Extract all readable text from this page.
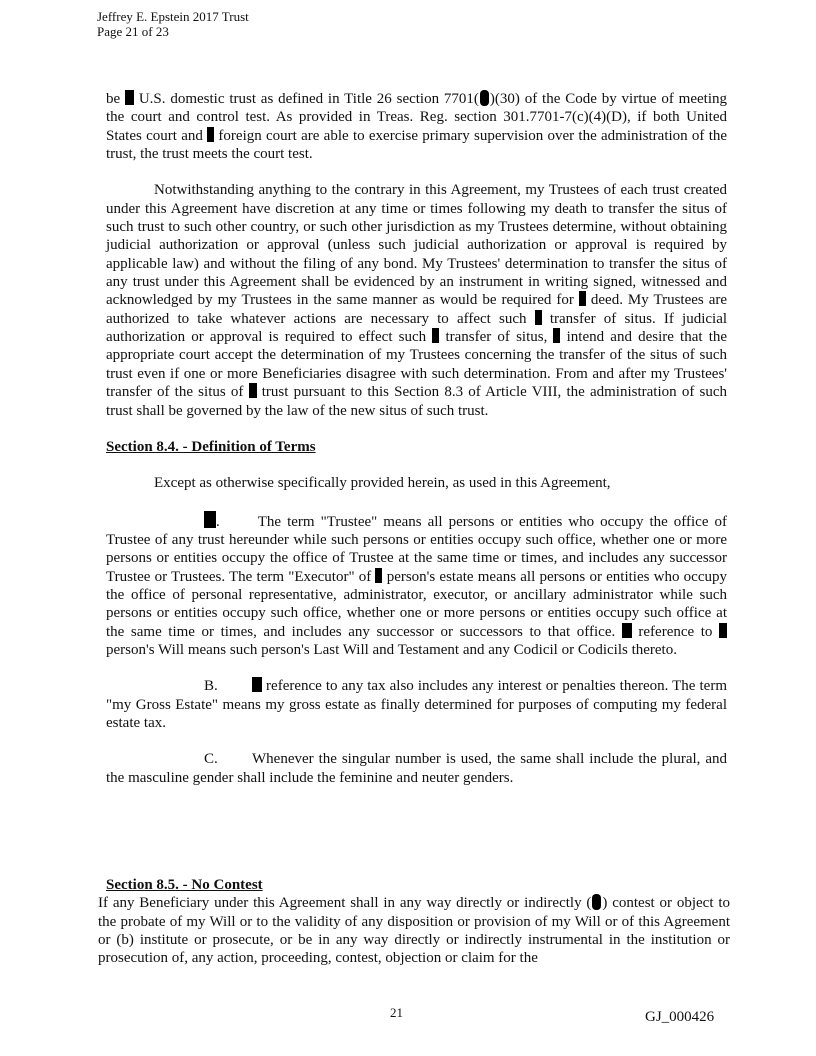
Jeffrey E. Epstein 2017 Trust
Page 21 of 23

be U.S. domestic trust as defined in Title 26 section 7701( )(30) of the Code by virtue of meeting the court and control test. As provided in Treas. Reg. section 301.7701-7(c)(4)(D), if both United States court and foreign court are able to exercise primary supervision over the administration of the trust, the trust meets the court test.

Notwithstanding anything to the contrary in this Agreement, my Trustees of each trust created under this Agreement have discretion at any time or times following my death to transfer the situs of such trust to such other country, or such other jurisdiction as my Trustees determine, without obtaining judicial authorization or approval (unless such judicial authorization or approval is required by applicable law) and without the filing of any bond. My Trustees' determination to transfer the situs of any trust under this Agreement shall be evidenced by an instrument in writing signed, witnessed and acknowledged by my Trustees in the same manner as would be required for deed. My Trustees are authorized to take whatever actions are necessary to affect such transfer of situs. If judicial authorization or approval is required to effect such transfer of situs, intend and desire that the appropriate court accept the determination of my Trustees concerning the transfer of the situs of such trust even if one or more Beneficiaries disagree with such determination. From and after my Trustees' transfer of the situs of trust pursuant to this Section 8.3 of Article VIII, the administration of such trust shall be governed by the law of the new situs of such trust.

Section 8.4. - Definition of Terms

Except as otherwise specifically provided herein, as used in this Agreement,

.	The term "Trustee" means all persons or entities who occupy the office of Trustee of any trust hereunder while such persons or entities occupy such office, whether one or more persons or entities occupy the office of Trustee at the same time or times, and includes any successor Trustee or Trustees. The term "Executor" of person's estate means all persons or entities who occupy the office of personal representative, administrator, executor, or ancillary administrator while such persons or entities occupy such office, whether one or more persons or entities occupy such office at the same time or times, and includes any successor or successors to that office. reference to  person's Will means such person's Last Will and Testament and any Codicil or Codicils thereto.

B.	reference to any tax also includes any interest or penalties thereon. The term "my Gross Estate" means my gross estate as finally determined for purposes of computing my federal estate tax.

C. Whenever the singular number is used, the same shall include the plural, and the masculine gender shall include the feminine and neuter genders.

Section 8.5. - No Contest

If any Beneficiary under this Agreement shall in any way directly or indirectly ( ) contest or object to the probate of my Will or to the validity of any disposition or provision of my Will or of this Agreement or (b) institute or prosecute, or be in any way directly or indirectly instrumental in the institution or prosecution of, any action, proceeding, contest, objection or claim for the

21	GJ_000426
